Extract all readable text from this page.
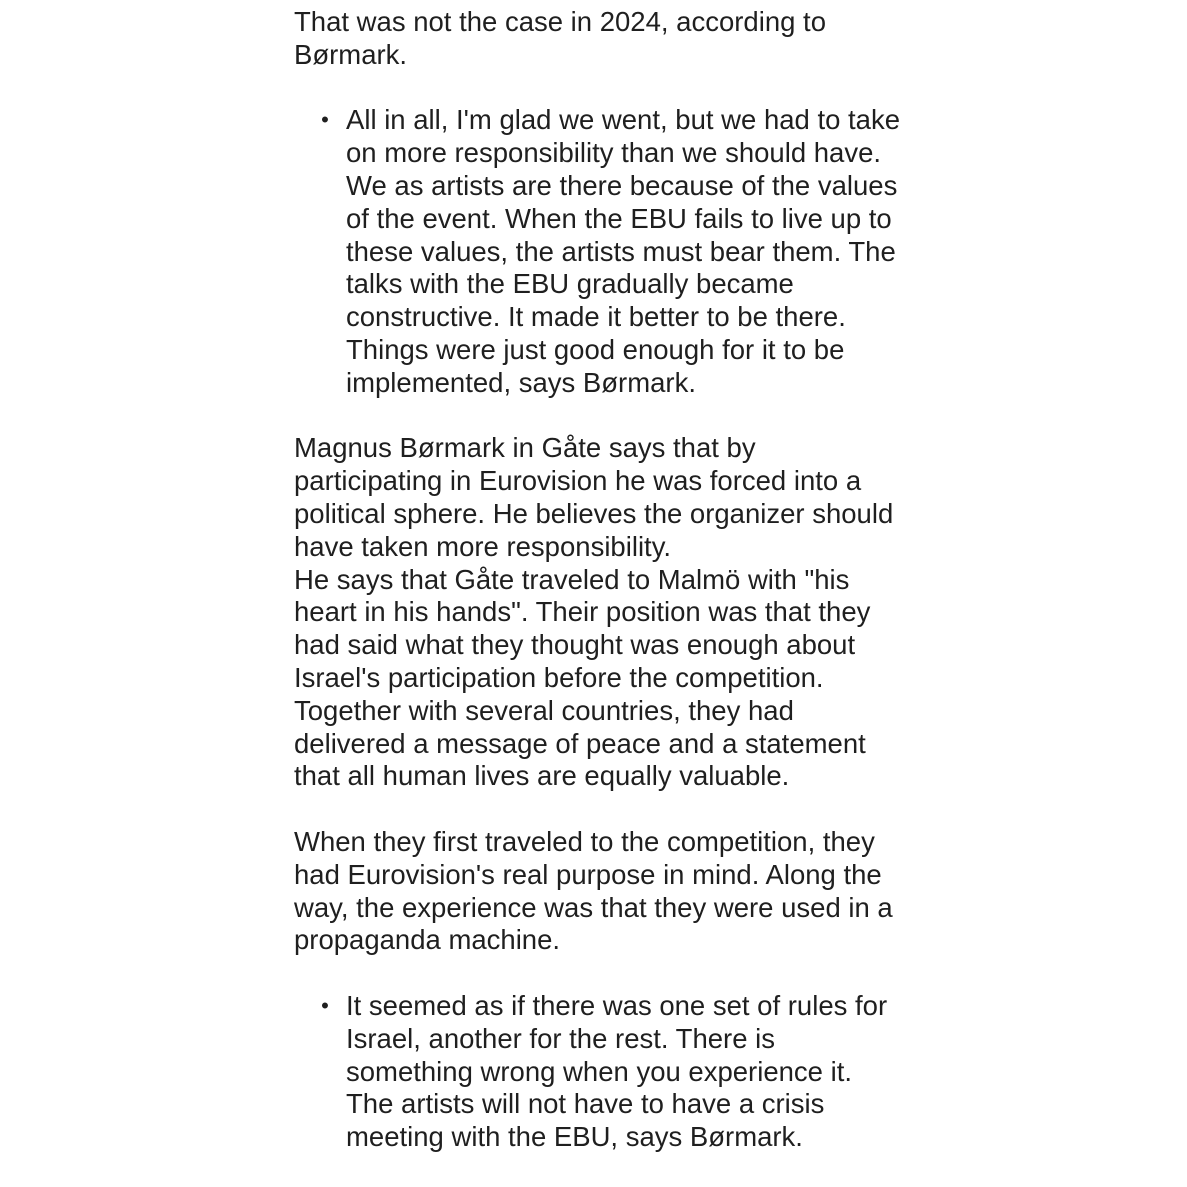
That was not the case in 2024, according to Børmark.

• All in all, I'm glad we went, but we had to take on more responsibility than we should have. We as artists are there because of the values of the event. When the EBU fails to live up to these values, the artists must bear them. The talks with the EBU gradually became constructive. It made it better to be there. Things were just good enough for it to be implemented, says Børmark.

Magnus Børmark in Gåte says that by participating in Eurovision he was forced into a political sphere. He believes the organizer should have taken more responsibility.

He says that Gåte traveled to Malmö with "his heart in his hands". Their position was that they had said what they thought was enough about Israel's participation before the competition. Together with several countries, they had delivered a message of peace and a statement that all human lives are equally valuable.

When they first traveled to the competition, they had Eurovision's real purpose in mind. Along the way, the experience was that they were used in a propaganda machine.

• It seemed as if there was one set of rules for Israel, another for the rest. There is something wrong when you experience it. The artists will not have to have a crisis meeting with the EBU, says Børmark.
